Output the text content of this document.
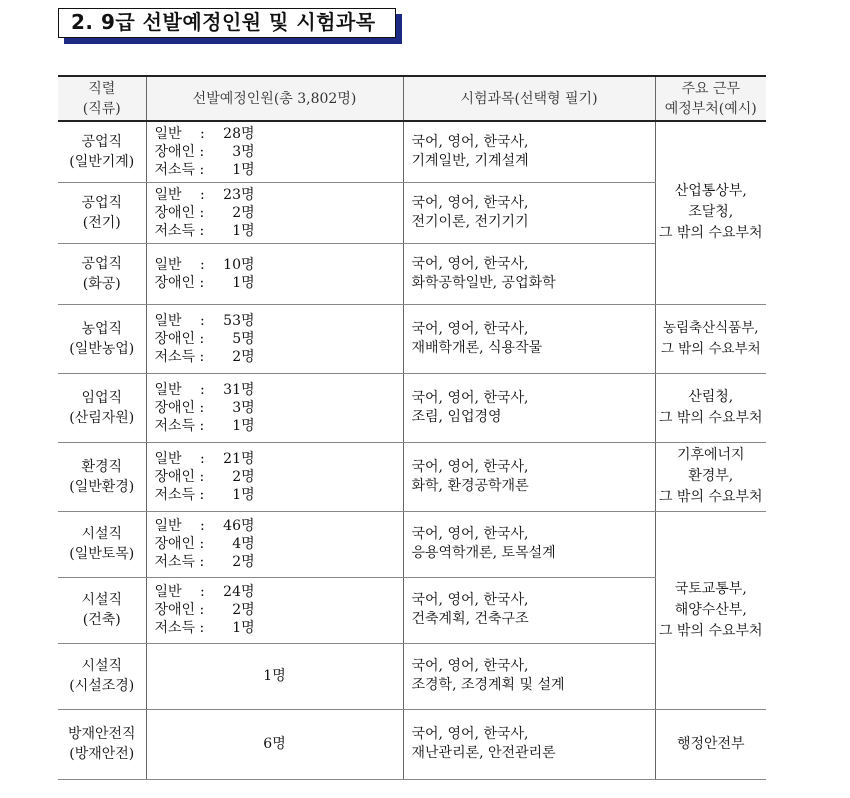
2. 9급 선발예정인원 및 시험과목
직렬
(직류)	선발예정인원(총 3,802명)	시험과목(선택형 필기)	주요 근무
예정부처(예시)

공업직
(일반기계)	일반　 :　 28명
장애인 :　　3명
저소득 :　　1명	국어, 영어, 한국사,
기계일반, 기계설계	산업통상부,
조달청,
그 밖의 수요부처

공업직
(전기)	일반　 :　 23명
장애인 :　　2명
저소득 :　　1명	국어, 영어, 한국사,
전기이론, 전기기기	

공업직
(화공)	일반　 :　 10명
장애인 :　　1명	국어, 영어, 한국사,
화학공학일반, 공업화학	

농업직
(일반농업)	일반　 :　 53명
장애인 :　　5명
저소득 :　　2명	국어, 영어, 한국사,
재배학개론, 식용작물	농림축산식품부,
그 밖의 수요부처

임업직
(산림자원)	일반　 :　 31명
장애인 :　　3명
저소득 :　　1명	국어, 영어, 한국사,
조림, 임업경영	산림청,
그 밖의 수요부처

환경직
(일반환경)	일반　 :　 21명
장애인 :　　2명
저소득 :　　1명	국어, 영어, 한국사,
화학, 환경공학개론	기후에너지
환경부,
그 밖의 수요부처

시설직
(일반토목)	일반　 :　 46명
장애인 :　　4명
저소득 :　　2명	국어, 영어, 한국사,
응용역학개론, 토목설계	국토교통부,
해양수산부,
그 밖의 수요부처

시설직
(건축)	일반　 :　 24명
장애인 :　　2명
저소득 :　　1명	국어, 영어, 한국사,
건축계획, 건축구조	

시설직
(시설조경)	1명	국어, 영어, 한국사,
조경학, 조경계획 및 설계	

방재안전직
(방재안전)	6명	국어, 영어, 한국사,
재난관리론, 안전관리론	행정안전부
